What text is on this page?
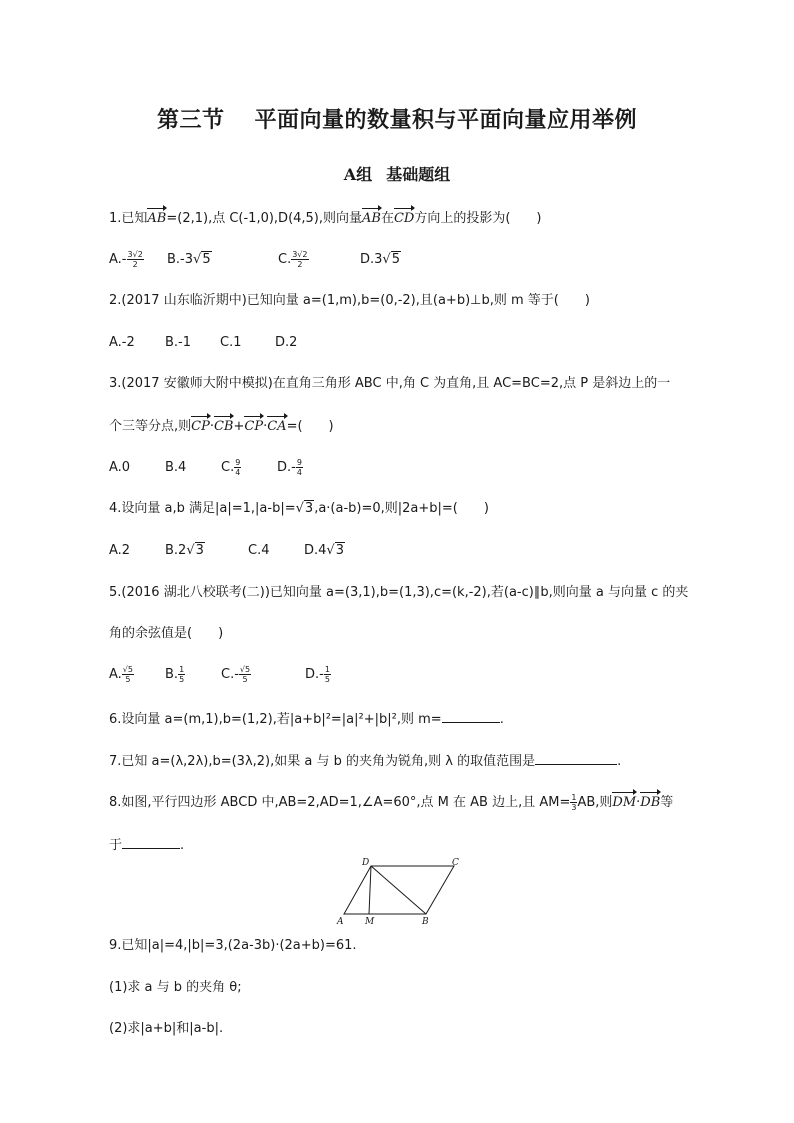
第三节 平面向量的数量积与平面向量应用举例
A组 基础题组
1.已知AB=(2,1),点 C(-1,0),D(4,5),则向量AB在CD方向上的投影为(　　)
$A.- \frac{3√2}{2} B.-3√5$	C. $\frac{3√2}{2}$	D.3√5
2.(2017 山东临沂期中)已知向量 a=(1,m),b=(0,-2),且(a+b)⊥b,则 m 等于(　　)
A.-2 B.-1 C.1	D.2
3.(2017 安徽师大附中模拟)在直角三角形 ABC 中,角 C 为直角,且 AC=BC=2,点 P 是斜边上的一
个三等分点,则CP·CB+CP·CA=(　　)
A.0	B.4	C. $\frac{9}{4}$	$D.- \frac{9}{4}$
4.设向量 a,b 满足|a|=1,|a-b|=√3,a·(a-b)=0,则|2a+b|=(　　)
A.2	B.2√3	C.4	D.4√3
5.(2016 湖北八校联考(二))已知向量 a=(3,1),b=(1,3),c=(k,-2),若(a-c)∥b,则向量 a 与向量 c 的夹
角的余弦值是(　　)
A. $\frac{√5}{5} B$. $\frac{1}{5}$	$C.- \frac{√5}{5}$	$D.- \frac{1}{5}$
6.设向量 a=(m,1),b=(1,2),若|a+b|²=|a|²+|b|²,则 m=	.
7.已知 a=(λ,2λ),b=(3λ,2),如果 a 与 b 的夹角为锐角,则 λ 的取值范围是	.
8.如图,平行四边形 ABCD 中,AB=2,AD=1,∠A=60°,点 M 在 AB 边上,且 $AM= \frac{1}{3}$ AB,则DM·DB等
于	.
A M	B
C
D
9.已知|a|=4,|b|=3,(2a-3b)·(2a+b)=61.
(1)求 a 与 b 的夹角 θ;
(2)求|a+b|和|a-b|.
